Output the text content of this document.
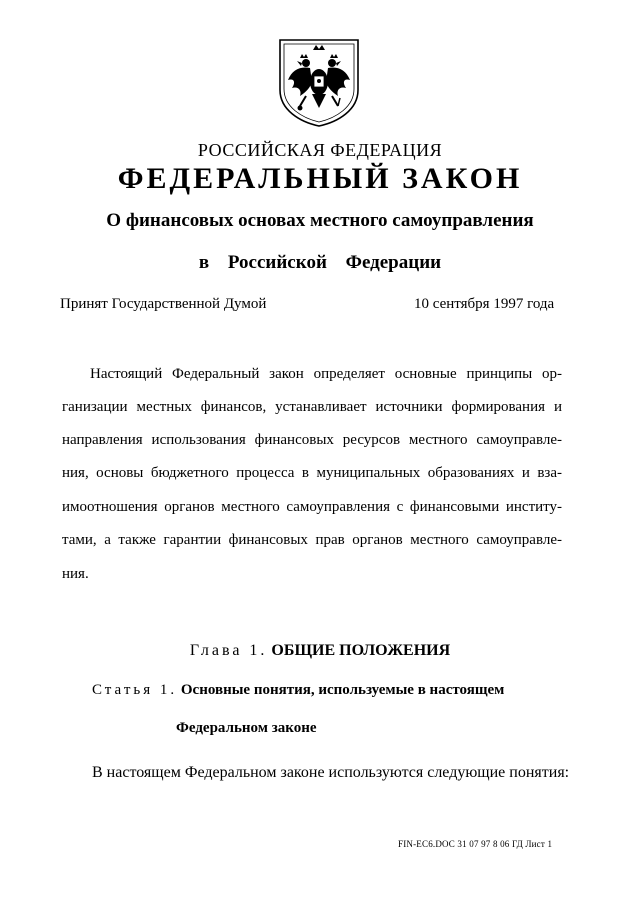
РОССИЙСКАЯ ФЕДЕРАЦИЯ
ФЕДЕРАЛЬНЫЙ ЗАКОН
О финансовых основах местного самоуправления
в Российской Федерации
Принят Государственной Думой	10 сентября 1997 года
Настоящий Федеральный закон определяет основные принципы ор-
ганизации местных финансов, устанавливает источники формирования и
направления использования финансовых ресурсов местного самоуправле-
ния, основы бюджетного процесса в муниципальных образованиях и вза-
имоотношения органов местного самоуправления с финансовыми институ-
тами, а также гарантии финансовых прав органов местного самоуправле-
ния.
Глава 1. ОБЩИЕ ПОЛОЖЕНИЯ
Статья 1. Основные понятия, используемые в настоящем
Федеральном законе
В настоящем Федеральном законе используются следующие понятия:
FIN-EC6.DOC 31 07 97 8 06 ГД Лист 1
